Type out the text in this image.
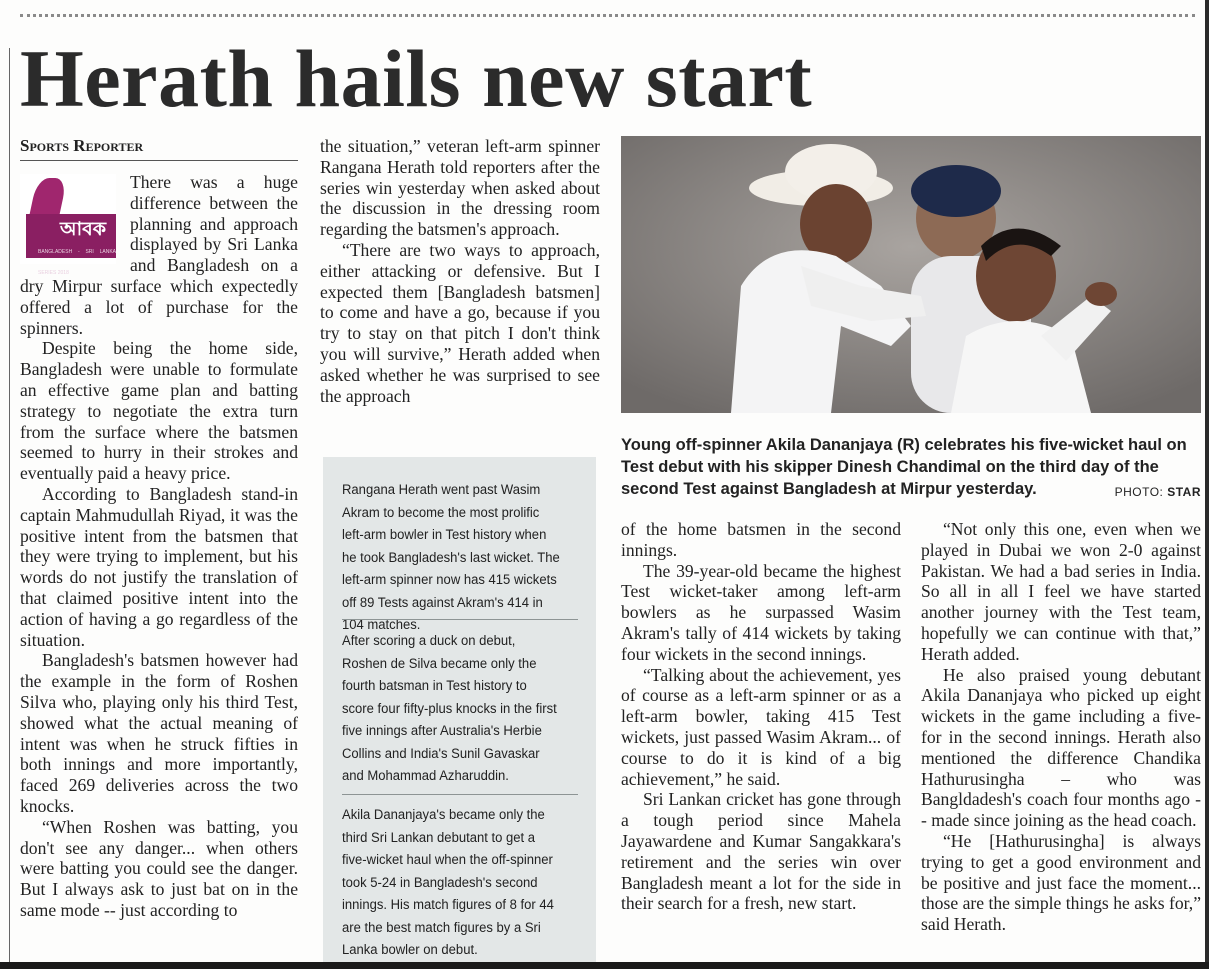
Herath hails new start
Sports Reporter
আবক
BANGLADESH - SRI LANKA SERIES 2018

There was a huge difference between the planning and approach displayed by Sri Lanka and Bangladesh on a dry Mirpur surface which expectedly offered a lot of purchase for the spinners.

Despite being the home side, Bangladesh were unable to formulate an effective game plan and batting strategy to negotiate the extra turn from the surface where the batsmen seemed to hurry in their strokes and eventually paid a heavy price.

According to Bangladesh stand-in captain Mahmudullah Riyad, it was the positive intent from the batsmen that they were trying to implement, but his words do not justify the translation of that claimed positive intent into the action of having a go regardless of the situation.

Bangladesh's batsmen however had the example in the form of Roshen Silva who, playing only his third Test, showed what the actual meaning of intent was when he struck fifties in both innings and more importantly, faced 269 deliveries across the two knocks.

“When Roshen was batting, you don't see any danger... when others were batting you could see the danger. But I always ask to just bat on in the same mode -- just according to

the situation,” veteran left-arm spinner Rangana Herath told reporters after the series win yesterday when asked about the discussion in the dressing room regarding the batsmen's approach.

“There are two ways to approach, either attacking or defensive. But I expected them [Bangladesh batsmen] to come and have a go, because if you try to stay on that pitch I don't think you will survive,” Herath added when asked whether he was surprised to see the approach

Rangana Herath went past Wasim Akram to become the most prolific left-arm bowler in Test history when he took Bangladesh's last wicket. The left-arm spinner now has 415 wickets off 89 Tests against Akram's 414 in 104 matches.
After scoring a duck on debut, Roshen de Silva became only the fourth batsman in Test history to score four fifty-plus knocks in the first five innings after Australia's Herbie Collins and India's Sunil Gavaskar and Mohammad Azharuddin.
Akila Dananjaya's became only the third Sri Lankan debutant to get a five-wicket haul when the off-spinner took 5-24 in Bangladesh's second innings. His match figures of 8 for 44 are the best match figures by a Sri Lanka bowler on debut.
Young off-spinner Akila Dananjaya (R) celebrates his five-wicket haul on Test debut with his skipper Dinesh Chandimal on the third day of the second Test against Bangladesh at Mirpur yesterday.	PHOTO: STAR

of the home batsmen in the second innings.

The 39-year-old became the highest Test wicket-taker among left-arm bowlers as he surpassed Wasim Akram's tally of 414 wickets by taking four wickets in the second innings.

“Talking about the achievement, yes of course as a left-arm spinner or as a left-arm bowler, taking 415 Test wickets, just passed Wasim Akram... of course to do it is kind of a big achievement,” he said.

Sri Lankan cricket has gone through a tough period since Mahela Jayawardene and Kumar Sangakkara's retirement and the series win over Bangladesh meant a lot for the side in their search for a fresh, new start.

“Not only this one, even when we played in Dubai we won 2-0 against Pakistan. We had a bad series in India. So all in all I feel we have started another journey with the Test team, hopefully we can continue with that,” Herath added.

He also praised young debutant Akila Dananjaya who picked up eight wickets in the game including a five-for in the second innings. Herath also mentioned the difference Chandika Hathurusingha – who was Bangldadesh's coach four months ago -- made since joining as the head coach.

“He [Hathurusingha] is always trying to get a good environment and be positive and just face the moment... those are the simple things he asks for,” said Herath.
